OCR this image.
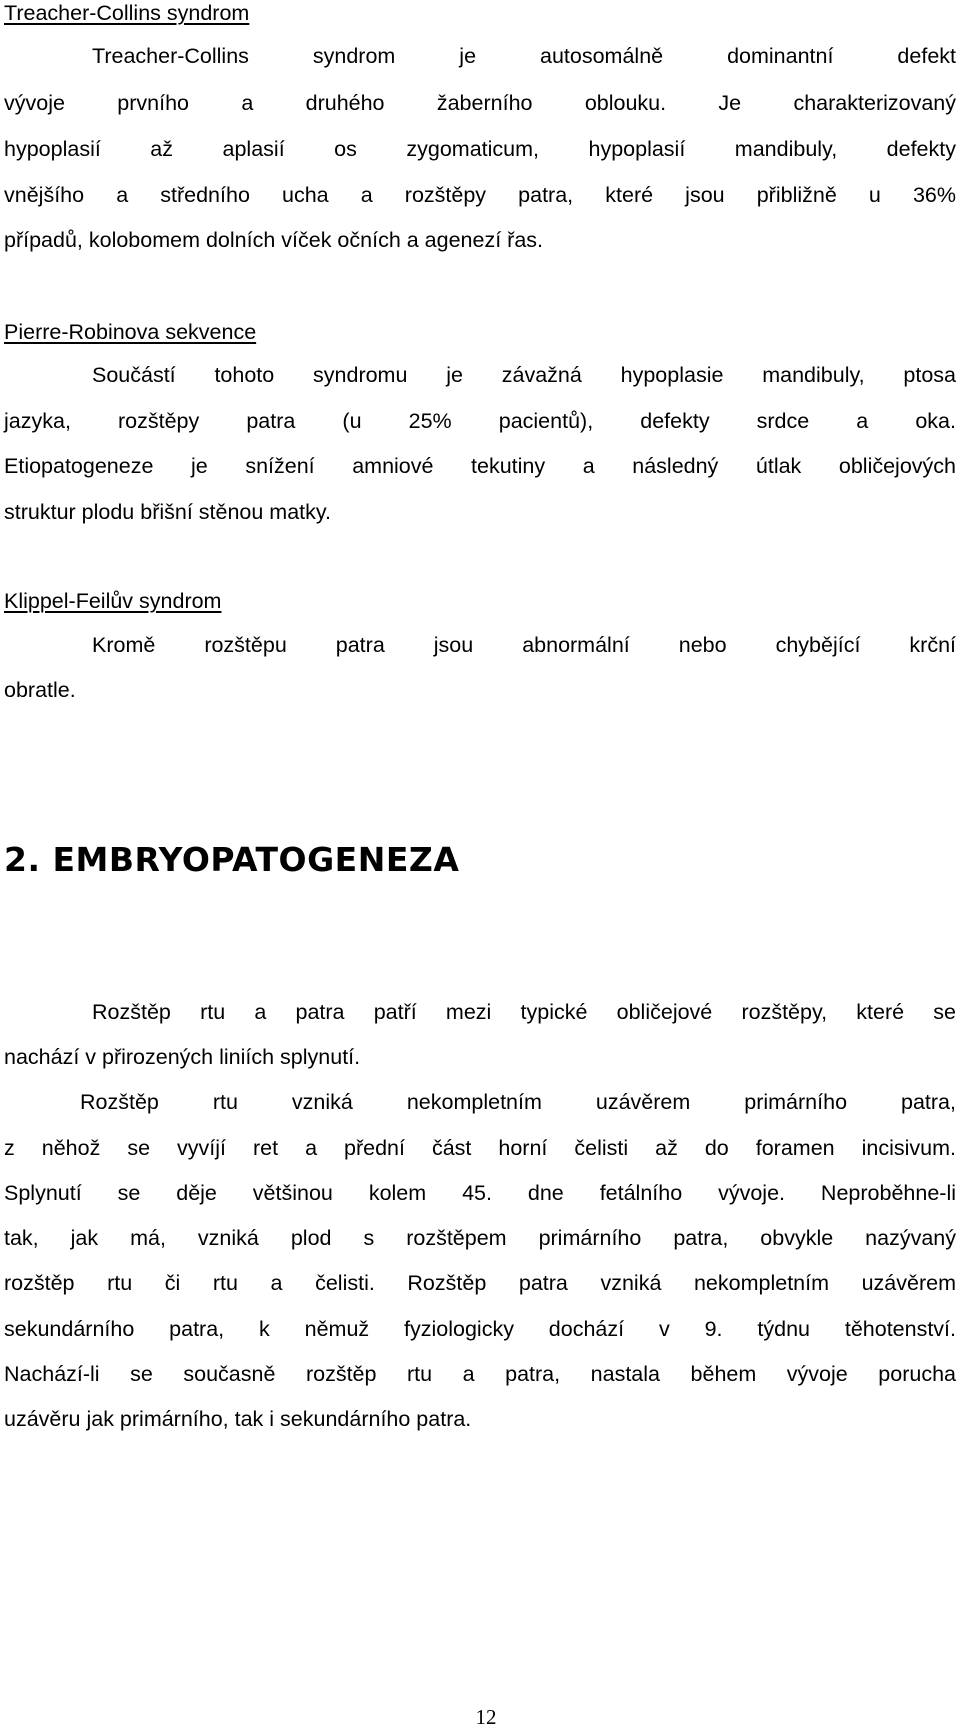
Treacher-Collins syndrom

Treacher-Collins syndrom je autosomálně dominantní defekt

vývoje prvního a druhého žaberního oblouku. Je charakterizovaný

hypoplasií až aplasií os zygomaticum, hypoplasií mandibuly, defekty

vnějšího a středního ucha a rozštěpy patra, které jsou přibližně u 36%

případů, kolobomem dolních víček očních a agenezí řas.

Pierre-Robinova sekvence

Součástí tohoto syndromu je závažná hypoplasie mandibuly, ptosa

jazyka, rozštěpy patra (u 25% pacientů), defekty srdce a oka.

Etiopatogeneze je snížení amniové tekutiny a následný útlak obličejových

struktur plodu břišní stěnou matky.

Klippel-Feilův syndrom

Kromě rozštěpu patra jsou abnormální nebo chybějící krční

obratle.

2. EMBRYOPATOGENEZA

Rozštěp rtu a patra patří mezi typické obličejové rozštěpy, které se

nachází v přirozených liniích splynutí.

Rozštěp rtu vzniká nekompletním uzávěrem primárního patra,

z něhož se vyvíjí ret a přední část horní čelisti až do foramen incisivum.

Splynutí se děje většinou kolem 45. dne fetálního vývoje. Neproběhne-li

tak, jak má, vzniká plod s rozštěpem primárního patra, obvykle nazývaný

rozštěp rtu či rtu a čelisti. Rozštěp patra vzniká nekompletním uzávěrem

sekundárního patra, k němuž fyziologicky dochází v 9. týdnu těhotenství.

Nachází-li se současně rozštěp rtu a patra, nastala během vývoje porucha

uzávěru jak primárního, tak i sekundárního patra.

12
